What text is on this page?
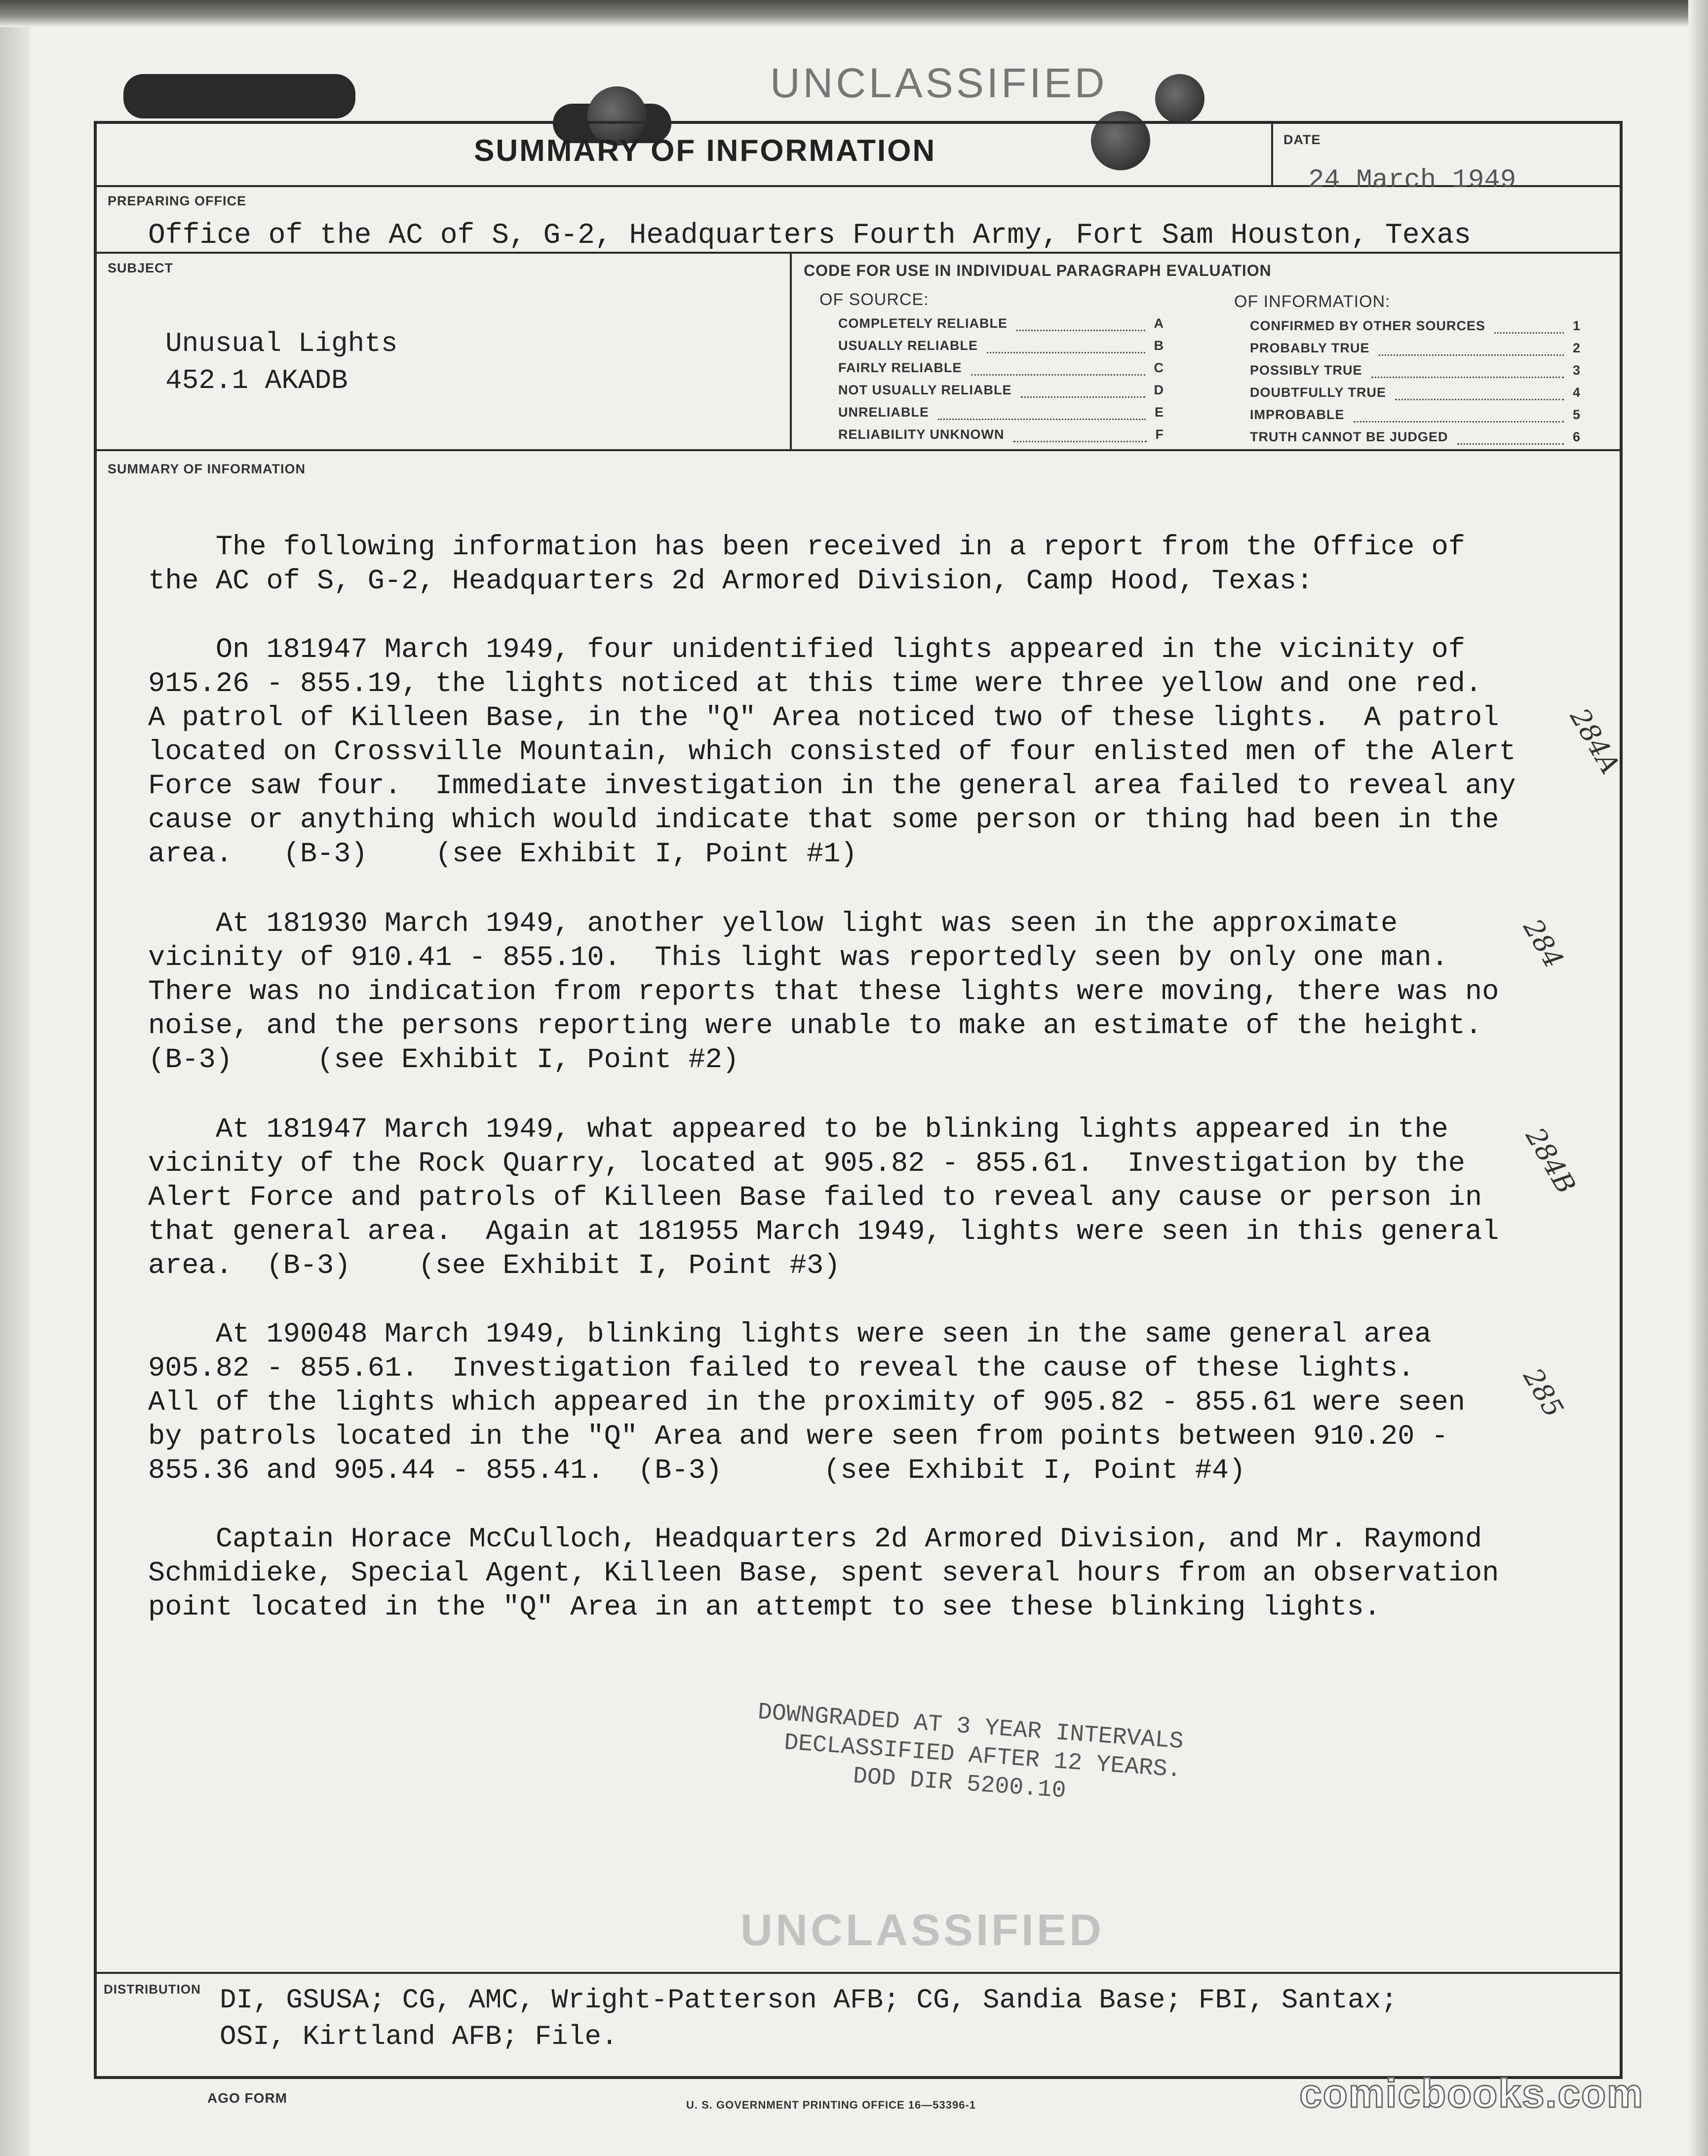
UNCLASSIFIED
SUMMARY OF INFORMATION	DATE
24 March 1949
PREPARING OFFICE
Office of the AC of S, G-2, Headquarters Fourth Army, Fort Sam Houston, Texas
SUBJECT
Unusual Lights
452.1 AKADB
CODE FOR USE IN INDIVIDUAL PARAGRAPH EVALUATION
OF SOURCE:	OF INFORMATION:
COMPLETELY RELIABLE	A
USUALLY RELIABLE	B
FAIRLY RELIABLE	C
NOT USUALLY RELIABLE	D
UNRELIABLE	E
RELIABILITY UNKNOWN	F
CONFIRMED BY OTHER SOURCES	1
PROBABLY TRUE	2
POSSIBLY TRUE	3
DOUBTFULLY TRUE	4
IMPROBABLE	5
TRUTH CANNOT BE JUDGED	6
SUMMARY OF INFORMATION
The following information has been received in a report from the Office of
the AC of S, G-2, Headquarters 2d Armored Division, Camp Hood, Texas:
On 181947 March 1949, four unidentified lights appeared in the vicinity of
915.26 - 855.19, the lights noticed at this time were three yellow and one red.
A patrol of Killeen Base, in the "Q" Area noticed two of these lights.  A patrol
located on Crossville Mountain, which consisted of four enlisted men of the Alert
Force saw four.  Immediate investigation in the general area failed to reveal any
cause or anything which would indicate that some person or thing had been in the
area.   (B-3)    (see Exhibit I, Point #1)
At 181930 March 1949, another yellow light was seen in the approximate
vicinity of 910.41 - 855.10.  This light was reportedly seen by only one man.
There was no indication from reports that these lights were moving, there was no
noise, and the persons reporting were unable to make an estimate of the height.
(B-3)     (see Exhibit I, Point #2)
At 181947 March 1949, what appeared to be blinking lights appeared in the
vicinity of the Rock Quarry, located at 905.82 - 855.61.  Investigation by the
Alert Force and patrols of Killeen Base failed to reveal any cause or person in
that general area.  Again at 181955 March 1949, lights were seen in this general
area.  (B-3)    (see Exhibit I, Point #3)
At 190048 March 1949, blinking lights were seen in the same general area
905.82 - 855.61.  Investigation failed to reveal the cause of these lights.
All of the lights which appeared in the proximity of 905.82 - 855.61 were seen
by patrols located in the "Q" Area and were seen from points between 910.20 -
855.36 and 905.44 - 855.41.  (B-3)      (see Exhibit I, Point #4)
Captain Horace McCulloch, Headquarters 2d Armored Division, and Mr. Raymond
Schmidieke, Special Agent, Killeen Base, spent several hours from an observation
point located in the "Q" Area in an attempt to see these blinking lights.
284A
284
284B
285
DOWNGRADED AT 3 YEAR INTERVALS
DECLASSIFIED AFTER 12 YEARS.
DOD DIR 5200.10
UNCLASSIFIED
DISTRIBUTION DI, GSUSA; CG, AMC, Wright-Patterson AFB; CG, Sandia Base; FBI, Santax;
OSI, Kirtland AFB; File.
AGO FORM	U. S. GOVERNMENT PRINTING OFFICE 16—53396-1	comicbooks.com
